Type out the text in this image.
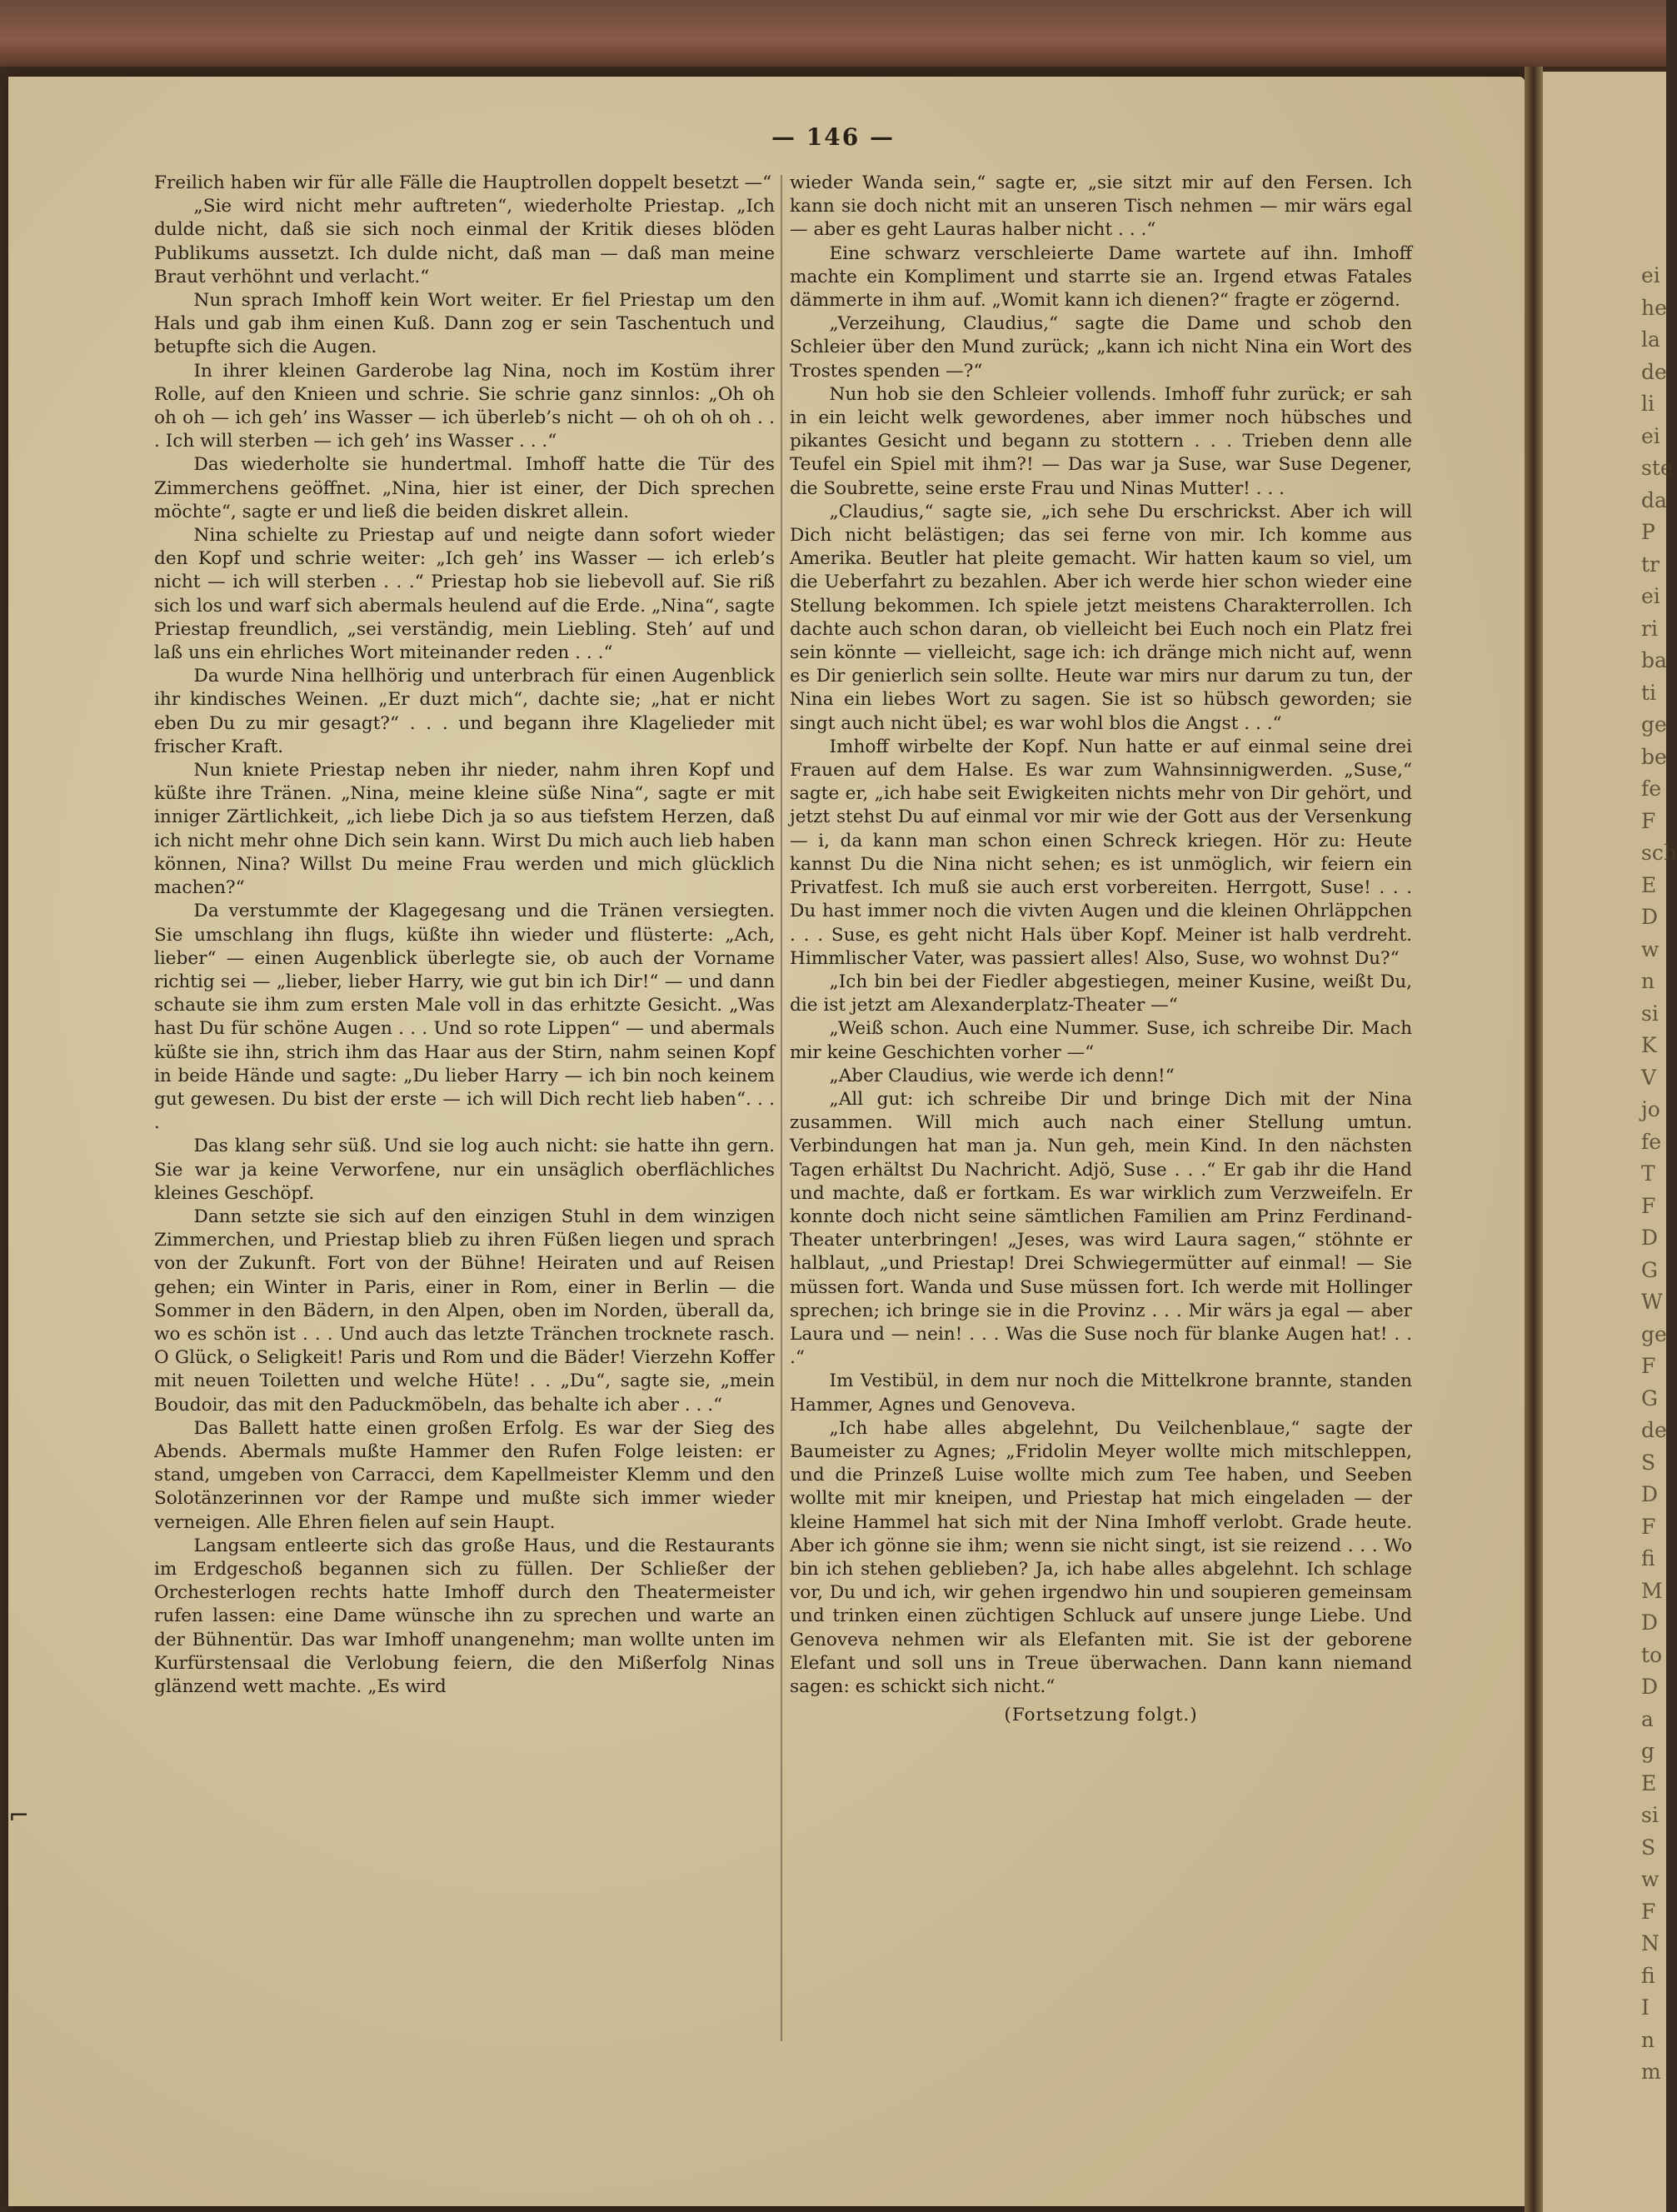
ei
he
la
de
li
ei
ste
da
P
tr
ei
ri
ba
ti
ge
be
fe
F
sch
E
D
w
n
si
K
V
jo
fe
T
F
D
G
W
ge
F
G
de
S
D
F
fi
M
D
to
D
a
g
E
si
S
w
F
N
fi
I
n
m
— 146 —

Freilich haben wir für alle Fälle die Hauptrollen doppelt besetzt —“

„Sie wird nicht mehr auftreten“, wiederholte Priestap. „Ich dulde nicht, daß sie sich noch einmal der Kritik dieses blöden Publikums aussetzt. Ich dulde nicht, daß man — daß man meine Braut verhöhnt und verlacht.“

Nun sprach Imhoff kein Wort weiter. Er fiel Priestap um den Hals und gab ihm einen Kuß. Dann zog er sein Taschentuch und betupfte sich die Augen.

In ihrer kleinen Garderobe lag Nina, noch im Kostüm ihrer Rolle, auf den Knieen und schrie. Sie schrie ganz sinnlos: „Oh oh oh oh — ich geh’ ins Wasser — ich überleb’s nicht — oh oh oh oh . . . Ich will sterben — ich geh’ ins Wasser . . .“

Das wiederholte sie hundertmal. Imhoff hatte die Tür des Zimmerchens geöffnet. „Nina, hier ist einer, der Dich sprechen möchte“, sagte er und ließ die beiden diskret allein.

Nina schielte zu Priestap auf und neigte dann sofort wieder den Kopf und schrie weiter: „Ich geh’ ins Wasser — ich erleb’s nicht — ich will sterben . . .“ Priestap hob sie liebevoll auf. Sie riß sich los und warf sich abermals heulend auf die Erde. „Nina“, sagte Priestap freundlich, „sei verständig, mein Liebling. Steh’ auf und laß uns ein ehrliches Wort miteinander reden . . .“

Da wurde Nina hellhörig und unterbrach für einen Augenblick ihr kindisches Weinen. „Er duzt mich“, dachte sie; „hat er nicht eben Du zu mir gesagt?“ . . . und begann ihre Klagelieder mit frischer Kraft.

Nun kniete Priestap neben ihr nieder, nahm ihren Kopf und küßte ihre Tränen. „Nina, meine kleine süße Nina“, sagte er mit inniger Zärtlichkeit, „ich liebe Dich ja so aus tiefstem Herzen, daß ich nicht mehr ohne Dich sein kann. Wirst Du mich auch lieb haben können, Nina? Willst Du meine Frau werden und mich glücklich machen?“

Da verstummte der Klagegesang und die Tränen versiegten. Sie umschlang ihn flugs, küßte ihn wieder und flüsterte: „Ach, lieber“ — einen Augenblick überlegte sie, ob auch der Vorname richtig sei — „lieber, lieber Harry, wie gut bin ich Dir!“ — und dann schaute sie ihm zum ersten Male voll in das erhitzte Gesicht. „Was hast Du für schöne Augen . . . Und so rote Lippen“ — und abermals küßte sie ihn, strich ihm das Haar aus der Stirn, nahm seinen Kopf in beide Hände und sagte: „Du lieber Harry — ich bin noch keinem gut gewesen. Du bist der erste — ich will Dich recht lieb haben“. . . .

Das klang sehr süß. Und sie log auch nicht: sie hatte ihn gern. Sie war ja keine Verworfene, nur ein unsäglich oberflächliches kleines Geschöpf.

Dann setzte sie sich auf den einzigen Stuhl in dem winzigen Zimmerchen, und Priestap blieb zu ihren Füßen liegen und sprach von der Zukunft. Fort von der Bühne! Heiraten und auf Reisen gehen; ein Winter in Paris, einer in Rom, einer in Berlin — die Sommer in den Bädern, in den Alpen, oben im Norden, überall da, wo es schön ist . . . Und auch das letzte Tränchen trocknete rasch. O Glück, o Seligkeit! Paris und Rom und die Bäder! Vierzehn Koffer mit neuen Toiletten und welche Hüte! . . „Du“, sagte sie, „mein Boudoir, das mit den Paduckmöbeln, das behalte ich aber . . .“

Das Ballett hatte einen großen Erfolg. Es war der Sieg des Abends. Abermals mußte Hammer den Rufen Folge leisten: er stand, umgeben von Carracci, dem Kapellmeister Klemm und den Solotänzerinnen vor der Rampe und mußte sich immer wieder verneigen. Alle Ehren fielen auf sein Haupt.

Langsam entleerte sich das große Haus, und die Restaurants im Erdgeschoß begannen sich zu füllen. Der Schließer der Orchesterlogen rechts hatte Imhoff durch den Theatermeister rufen lassen: eine Dame wünsche ihn zu sprechen und warte an der Bühnentür. Das war Imhoff unangenehm; man wollte unten im Kurfürstensaal die Verlobung feiern, die den Mißerfolg Ninas glänzend wett machte. „Es wird

wieder Wanda sein,“ sagte er, „sie sitzt mir auf den Fersen. Ich kann sie doch nicht mit an unseren Tisch nehmen — mir wärs egal — aber es geht Lauras halber nicht . . .“

Eine schwarz verschleierte Dame wartete auf ihn. Imhoff machte ein Kompliment und starrte sie an. Irgend etwas Fatales dämmerte in ihm auf. „Womit kann ich dienen?“ fragte er zögernd.

„Verzeihung, Claudius,“ sagte die Dame und schob den Schleier über den Mund zurück; „kann ich nicht Nina ein Wort des Trostes spenden —?“

Nun hob sie den Schleier vollends. Imhoff fuhr zurück; er sah in ein leicht welk gewordenes, aber immer noch hübsches und pikantes Gesicht und begann zu stottern . . . Trieben denn alle Teufel ein Spiel mit ihm?! — Das war ja Suse, war Suse Degener, die Soubrette, seine erste Frau und Ninas Mutter! . . .

„Claudius,“ sagte sie, „ich sehe Du erschrickst. Aber ich will Dich nicht belästigen; das sei ferne von mir. Ich komme aus Amerika. Beutler hat pleite gemacht. Wir hatten kaum so viel, um die Ueberfahrt zu bezahlen. Aber ich werde hier schon wieder eine Stellung bekommen. Ich spiele jetzt meistens Charakterrollen. Ich dachte auch schon daran, ob vielleicht bei Euch noch ein Platz frei sein könnte — vielleicht, sage ich: ich dränge mich nicht auf, wenn es Dir genierlich sein sollte. Heute war mirs nur darum zu tun, der Nina ein liebes Wort zu sagen. Sie ist so hübsch geworden; sie singt auch nicht übel; es war wohl blos die Angst . . .“

Imhoff wirbelte der Kopf. Nun hatte er auf einmal seine drei Frauen auf dem Halse. Es war zum Wahnsinnigwerden. „Suse,“ sagte er, „ich habe seit Ewigkeiten nichts mehr von Dir gehört, und jetzt stehst Du auf einmal vor mir wie der Gott aus der Versenkung — i, da kann man schon einen Schreck kriegen. Hör zu: Heute kannst Du die Nina nicht sehen; es ist unmöglich, wir feiern ein Privatfest. Ich muß sie auch erst vorbereiten. Herrgott, Suse! . . . Du hast immer noch die vivten Augen und die kleinen Ohrläppchen . . . Suse, es geht nicht Hals über Kopf. Meiner ist halb verdreht. Himmlischer Vater, was passiert alles! Also, Suse, wo wohnst Du?“

„Ich bin bei der Fiedler abgestiegen, meiner Kusine, weißt Du, die ist jetzt am Alexanderplatz-Theater —“

„Weiß schon. Auch eine Nummer. Suse, ich schreibe Dir. Mach mir keine Geschichten vorher —“

„Aber Claudius, wie werde ich denn!“

„All gut: ich schreibe Dir und bringe Dich mit der Nina zusammen. Will mich auch nach einer Stellung umtun. Verbindungen hat man ja. Nun geh, mein Kind. In den nächsten Tagen erhältst Du Nachricht. Adjö, Suse . . .“ Er gab ihr die Hand und machte, daß er fortkam. Es war wirklich zum Verzweifeln. Er konnte doch nicht seine sämtlichen Familien am Prinz Ferdinand-Theater unterbringen! „Jeses, was wird Laura sagen,“ stöhnte er halblaut, „und Priestap! Drei Schwiegermütter auf einmal! — Sie müssen fort. Wanda und Suse müssen fort. Ich werde mit Hollinger sprechen; ich bringe sie in die Provinz . . . Mir wärs ja egal — aber Laura und — nein! . . . Was die Suse noch für blanke Augen hat! . . .“

Im Vestibül, in dem nur noch die Mittelkrone brannte, standen Hammer, Agnes und Genoveva.

„Ich habe alles abgelehnt, Du Veilchenblaue,“ sagte der Baumeister zu Agnes; „Fridolin Meyer wollte mich mitschleppen, und die Prinzeß Luise wollte mich zum Tee haben, und Seeben wollte mit mir kneipen, und Priestap hat mich eingeladen — der kleine Hammel hat sich mit der Nina Imhoff verlobt. Grade heute. Aber ich gönne sie ihm; wenn sie nicht singt, ist sie reizend . . . Wo bin ich stehen geblieben? Ja, ich habe alles abgelehnt. Ich schlage vor, Du und ich, wir gehen irgendwo hin und soupieren gemeinsam und trinken einen züchtigen Schluck auf unsere junge Liebe. Und Genoveva nehmen wir als Elefanten mit. Sie ist der geborene Elefant und soll uns in Treue überwachen. Dann kann niemand sagen: es schickt sich nicht.“

(Fortsetzung folgt.)

⌐
